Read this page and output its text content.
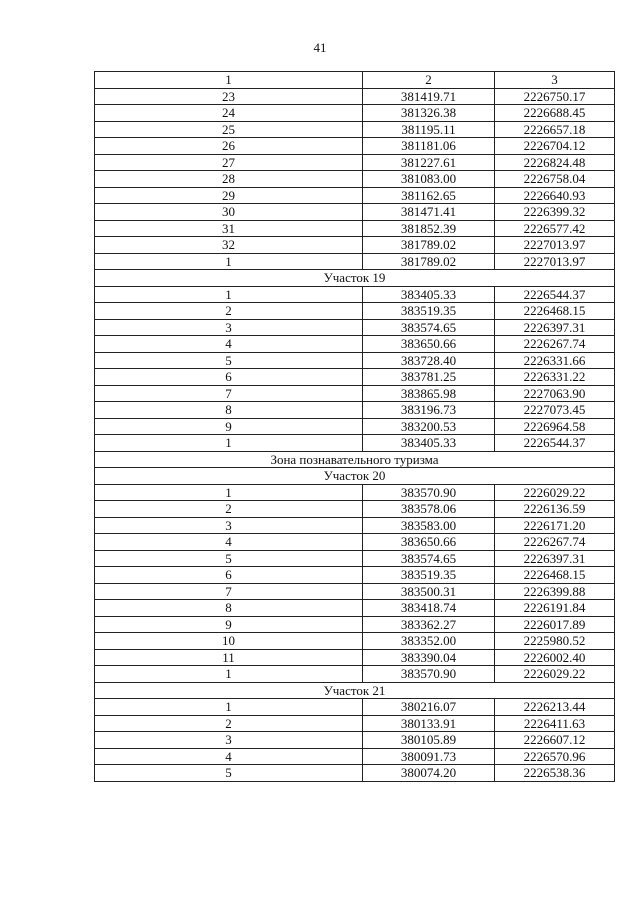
41
1	2	3
23	381419.71	2226750.17
24	381326.38	2226688.45
25	381195.11	2226657.18
26	381181.06	2226704.12
27	381227.61	2226824.48
28	381083.00	2226758.04
29	381162.65	2226640.93
30	381471.41	2226399.32
31	381852.39	2226577.42
32	381789.02	2227013.97
1	381789.02	2227013.97
Участок 19		
1	383405.33	2226544.37
2	383519.35	2226468.15
3	383574.65	2226397.31
4	383650.66	2226267.74
5	383728.40	2226331.66
6	383781.25	2226331.22
7	383865.98	2227063.90
8	383196.73	2227073.45
9	383200.53	2226964.58
1	383405.33	2226544.37
Зона познавательного туризма		
Участок 20		
1	383570.90	2226029.22
2	383578.06	2226136.59
3	383583.00	2226171.20
4	383650.66	2226267.74
5	383574.65	2226397.31
6	383519.35	2226468.15
7	383500.31	2226399.88
8	383418.74	2226191.84
9	383362.27	2226017.89
10	383352.00	2225980.52
11	383390.04	2226002.40
1	383570.90	2226029.22
Участок 21		
1	380216.07	2226213.44
2	380133.91	2226411.63
3	380105.89	2226607.12
4	380091.73	2226570.96
5	380074.20	2226538.36
